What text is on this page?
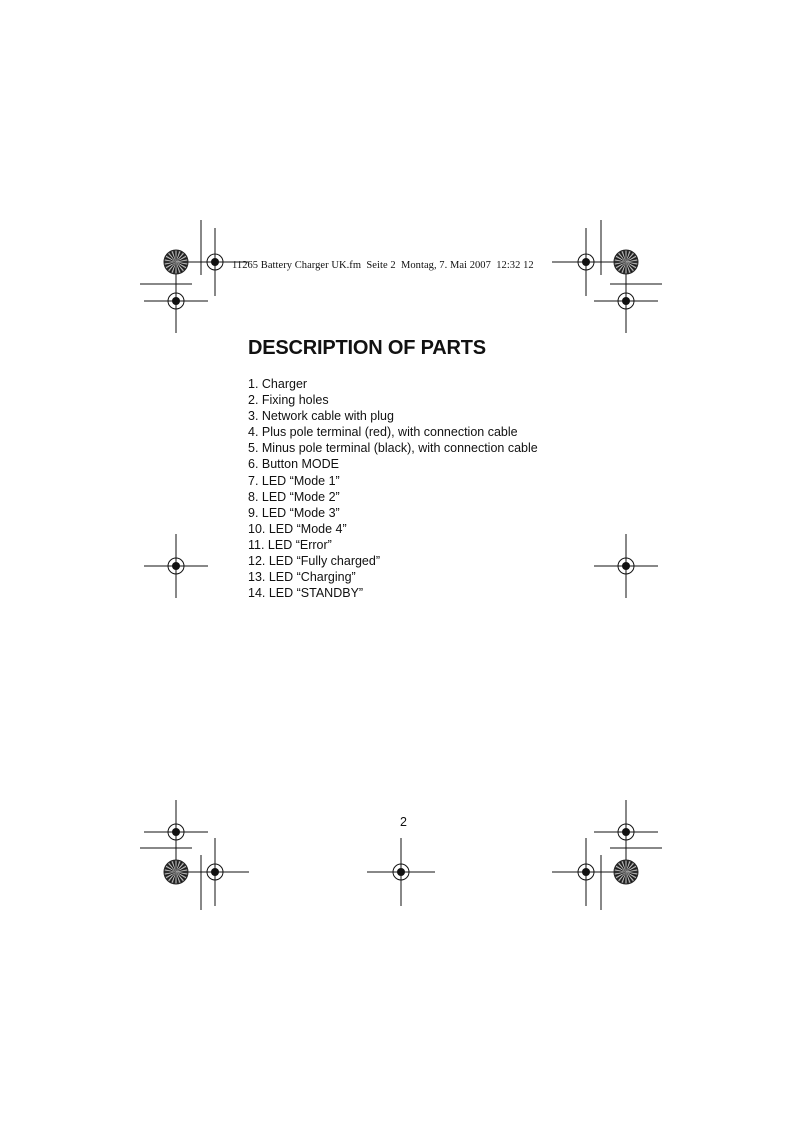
11265 Battery Charger UK.fm  Seite 2  Montag, 7. Mai 2007  12:32 12
DESCRIPTION OF PARTS
1. Charger
2. Fixing holes
3. Network cable with plug
4. Plus pole terminal (red), with connection cable
5. Minus pole terminal (black), with connection cable
6. Button MODE
7. LED “Mode 1”
8. LED “Mode 2”
9. LED “Mode 3”
10. LED “Mode 4”
11. LED “Error”
12. LED “Fully charged”
13. LED “Charging”
14. LED “STANDBY”
2
